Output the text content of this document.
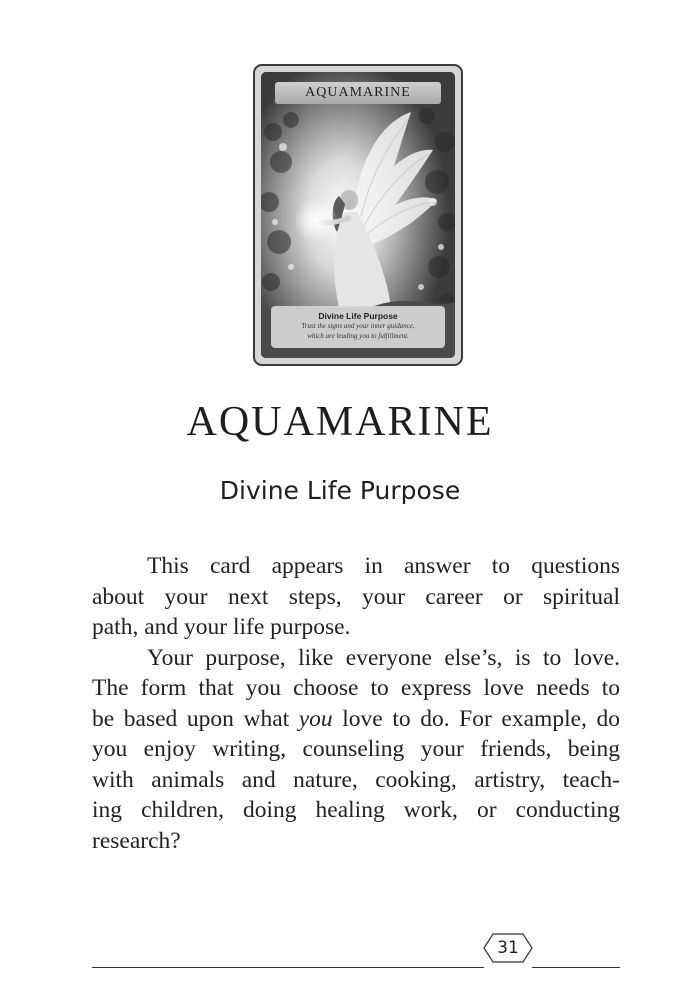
AQUAMARINE
Divine Life Purpose
Trust the signs and your inner guidance,
which are leading you to fulfillment.
AQUAMARINE
Divine Life Purpose
This card appears in answer to questions
about your next steps, your career or spiritual
path, and your life purpose.
Your purpose, like everyone else’s, is to love.
The form that you choose to express love needs to
be based upon what you love to do. For example, do
you enjoy writing, counseling your friends, being
with animals and nature, cooking, artistry, teach-
ing children, doing healing work, or conducting
research?
31
